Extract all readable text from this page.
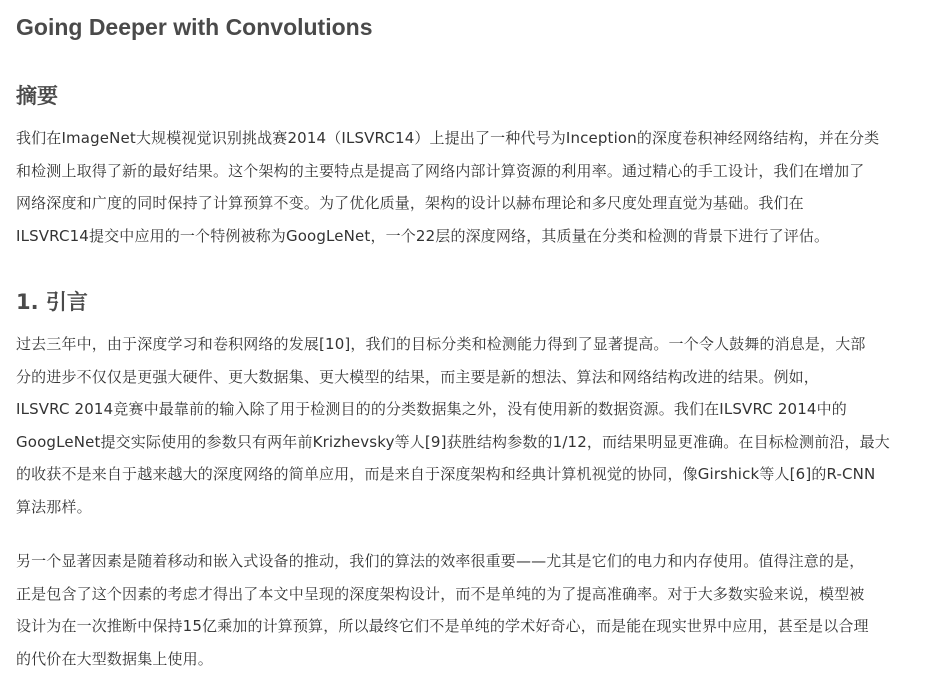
Going Deeper with Convolutions
摘要

我们在ImageNet大规模视觉识别挑战赛2014（ILSVRC14）上提出了一种代号为Inception的深度卷积神经网络结构，并在分类
和检测上取得了新的最好结果。这个架构的主要特点是提高了网络内部计算资源的利用率。通过精心的手工设计，我们在增加了
网络深度和广度的同时保持了计算预算不变。为了优化质量，架构的设计以赫布理论和多尺度处理直觉为基础。我们在
ILSVRC14提交中应用的一个特例被称为GoogLeNet，一个22层的深度网络，其质量在分类和检测的背景下进行了评估。

1. 引言

过去三年中，由于深度学习和卷积网络的发展[10]，我们的目标分类和检测能力得到了显著提高。一个令人鼓舞的消息是，大部
分的进步不仅仅是更强大硬件、更大数据集、更大模型的结果，而主要是新的想法、算法和网络结构改进的结果。例如，
ILSVRC 2014竞赛中最靠前的输入除了用于检测目的的分类数据集之外，没有使用新的数据资源。我们在ILSVRC 2014中的
GoogLeNet提交实际使用的参数只有两年前Krizhevsky等人[9]获胜结构参数的1/12，而结果明显更准确。在目标检测前沿，最大
的收获不是来自于越来越大的深度网络的简单应用，而是来自于深度架构和经典计算机视觉的协同，像Girshick等人[6]的R-CNN
算法那样。

另一个显著因素是随着移动和嵌入式设备的推动，我们的算法的效率很重要——尤其是它们的电力和内存使用。值得注意的是，
正是包含了这个因素的考虑才得出了本文中呈现的深度架构设计，而不是单纯的为了提高准确率。对于大多数实验来说，模型被
设计为在一次推断中保持15亿乘加的计算预算，所以最终它们不是单纯的学术好奇心，而是能在现实世界中应用，甚至是以合理
的代价在大型数据集上使用。
